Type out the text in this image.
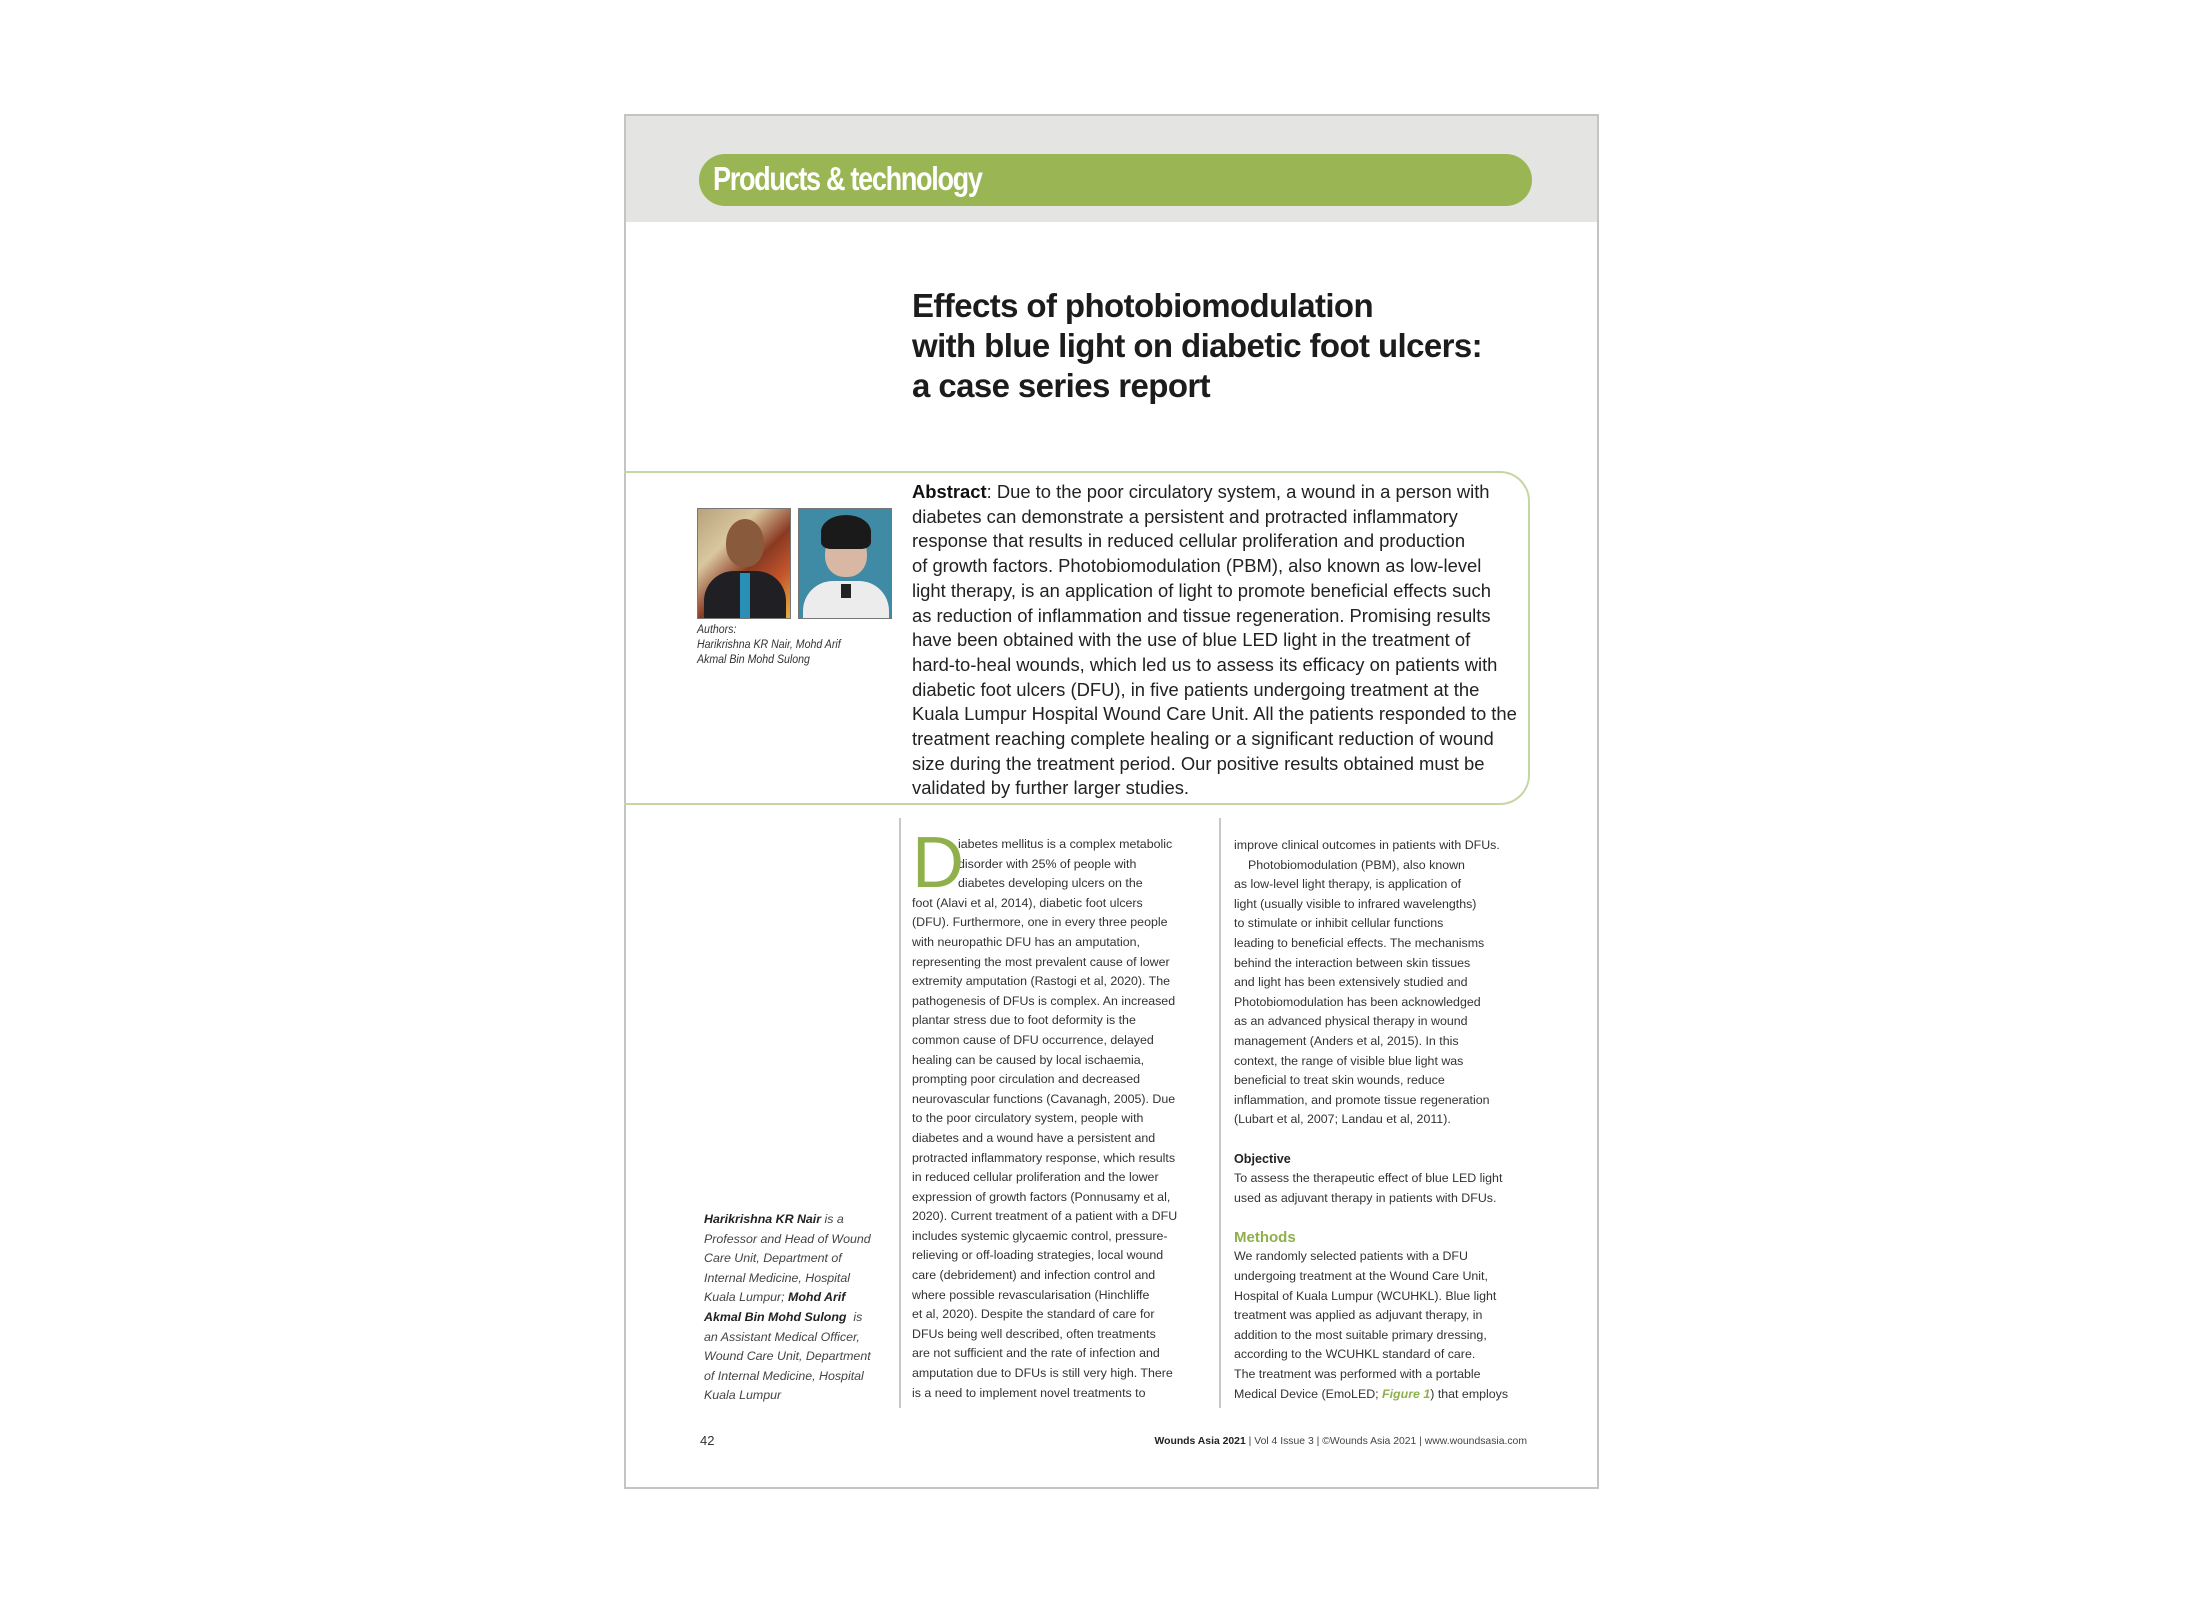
Products & technology
Effects of photobiomodulation
with blue light on diabetic foot ulcers:
a case series report
Authors:
Harikrishna KR Nair, Mohd Arif
Akmal Bin Mohd Sulong
Abstract: Due to the poor circulatory system, a wound in a person with
diabetes can demonstrate a persistent and protracted inflammatory
response that results in reduced cellular proliferation and production
of growth factors. Photobiomodulation (PBM), also known as low-level
light therapy, is an application of light to promote beneficial effects such
as reduction of inflammation and tissue regeneration. Promising results
have been obtained with the use of blue LED light in the treatment of
hard-to-heal wounds, which led us to assess its efficacy on patients with
diabetic foot ulcers (DFU), in five patients undergoing treatment at the
Kuala Lumpur Hospital Wound Care Unit. All the patients responded to the
treatment reaching complete healing or a significant reduction of wound
size during the treatment period. Our positive results obtained must be
validated by further larger studies.
D
iabetes mellitus is a complex metabolic
disorder with 25% of people with
diabetes developing ulcers on the
foot (Alavi et al, 2014), diabetic foot ulcers
(DFU). Furthermore, one in every three people
with neuropathic DFU has an amputation,
representing the most prevalent cause of lower
extremity amputation (Rastogi et al, 2020). The
pathogenesis of DFUs is complex. An increased
plantar stress due to foot deformity is the
common cause of DFU occurrence, delayed
healing can be caused by local ischaemia,
prompting poor circulation and decreased
neurovascular functions (Cavanagh, 2005). Due
to the poor circulatory system, people with
diabetes and a wound have a persistent and
protracted inflammatory response, which results
in reduced cellular proliferation and the lower
expression of growth factors (Ponnusamy et al,
2020). Current treatment of a patient with a DFU
includes systemic glycaemic control, pressure-
relieving or off-loading strategies, local wound
care (debridement) and infection control and
where possible revascularisation (Hinchliffe
et al, 2020). Despite the standard of care for
DFUs being well described, often treatments
are not sufficient and the rate of infection and
amputation due to DFUs is still very high. There
is a need to implement novel treatments to
improve clinical outcomes in patients with DFUs.
Photobiomodulation (PBM), also known
as low-level light therapy, is application of
light (usually visible to infrared wavelengths)
to stimulate or inhibit cellular functions
leading to beneficial effects. The mechanisms
behind the interaction between skin tissues
and light has been extensively studied and
Photobiomodulation has been acknowledged
as an advanced physical therapy in wound
management (Anders et al, 2015). In this
context, the range of visible blue light was
beneficial to treat skin wounds, reduce
inflammation, and promote tissue regeneration
(Lubart et al, 2007; Landau et al, 2011).
Objective
To assess the therapeutic effect of blue LED light
used as adjuvant therapy in patients with DFUs.
Methods
We randomly selected patients with a DFU
undergoing treatment at the Wound Care Unit,
Hospital of Kuala Lumpur (WCUHKL). Blue light
treatment was applied as adjuvant therapy, in
addition to the most suitable primary dressing,
according to the WCUHKL standard of care.
The treatment was performed with a portable
Medical Device (EmoLED; Figure 1) that employs
Harikrishna KR Nair is a
Professor and Head of Wound
Care Unit, Department of
Internal Medicine, Hospital
Kuala Lumpur; Mohd Arif
Akmal Bin Mohd Sulong  is
an Assistant Medical Officer,
Wound Care Unit, Department
of Internal Medicine, Hospital
Kuala Lumpur
42	Wounds Asia 2021 | Vol 4 Issue 3 | ©Wounds Asia 2021 | www.woundsasia.com
